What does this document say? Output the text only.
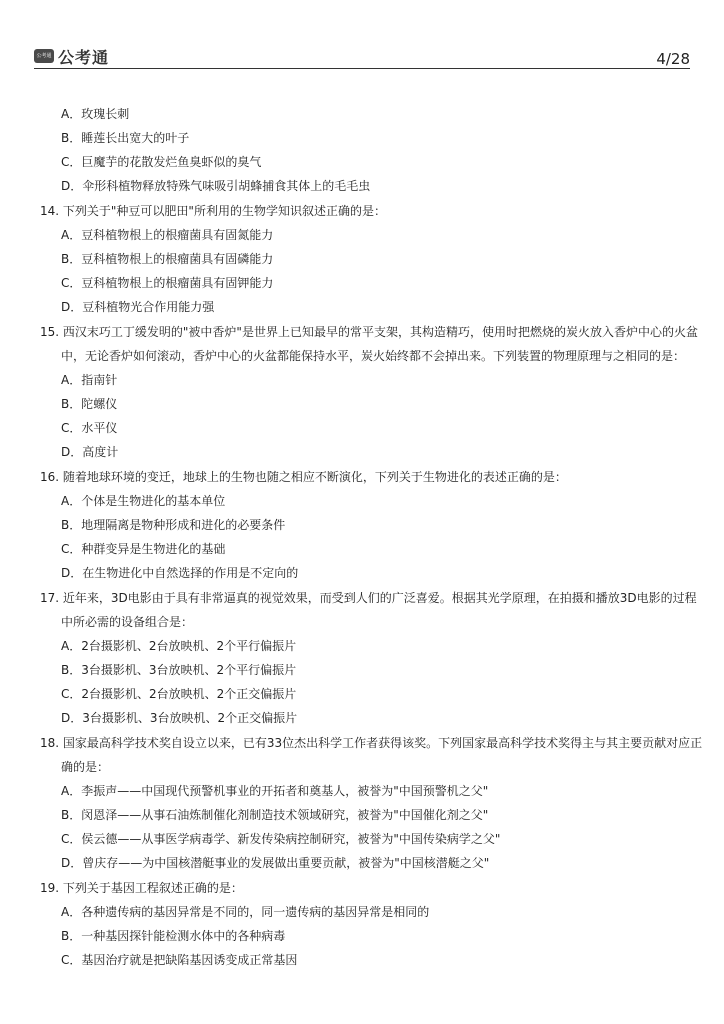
公考通 公考通	4/28
A．玫瑰长刺
B．睡莲长出宽大的叶子
C．巨魔芋的花散发烂鱼臭虾似的臭气
D．伞形科植物释放特殊气味吸引胡蜂捕食其体上的毛毛虫
14. 下列关于"种豆可以肥田"所利用的生物学知识叙述正确的是：
A．豆科植物根上的根瘤菌具有固氮能力
B．豆科植物根上的根瘤菌具有固磷能力
C．豆科植物根上的根瘤菌具有固钾能力
D．豆科植物光合作用能力强
15. 西汉末巧工丁缓发明的"被中香炉"是世界上已知最早的常平支架，其构造精巧，使用时把燃烧的炭火放入香炉中心的火盆
中，无论香炉如何滚动，香炉中心的火盆都能保持水平，炭火始终都不会掉出来。下列装置的物理原理与之相同的是：
A．指南针
B．陀螺仪
C．水平仪
D．高度计
16. 随着地球环境的变迁，地球上的生物也随之相应不断演化，下列关于生物进化的表述正确的是：
A．个体是生物进化的基本单位
B．地理隔离是物种形成和进化的必要条件
C．种群变异是生物进化的基础
D．在生物进化中自然选择的作用是不定向的
17. 近年来，3D电影由于具有非常逼真的视觉效果，而受到人们的广泛喜爱。根据其光学原理，在拍摄和播放3D电影的过程
中所必需的设备组合是：
A．2台摄影机、2台放映机、2个平行偏振片
B．3台摄影机、3台放映机、2个平行偏振片
C．2台摄影机、2台放映机、2个正交偏振片
D．3台摄影机、3台放映机、2个正交偏振片
18. 国家最高科学技术奖自设立以来，已有33位杰出科学工作者获得该奖。下列国家最高科学技术奖得主与其主要贡献对应正
确的是：
A．李振声——中国现代预警机事业的开拓者和奠基人，被誉为"中国预警机之父"
B．闵恩泽——从事石油炼制催化剂制造技术领域研究，被誉为"中国催化剂之父"
C．侯云德——从事医学病毒学、新发传染病控制研究，被誉为"中国传染病学之父"
D．曾庆存——为中国核潜艇事业的发展做出重要贡献，被誉为"中国核潜艇之父"
19. 下列关于基因工程叙述正确的是：
A．各种遗传病的基因异常是不同的，同一遗传病的基因异常是相同的
B．一种基因探针能检测水体中的各种病毒
C．基因治疗就是把缺陷基因诱变成正常基因
